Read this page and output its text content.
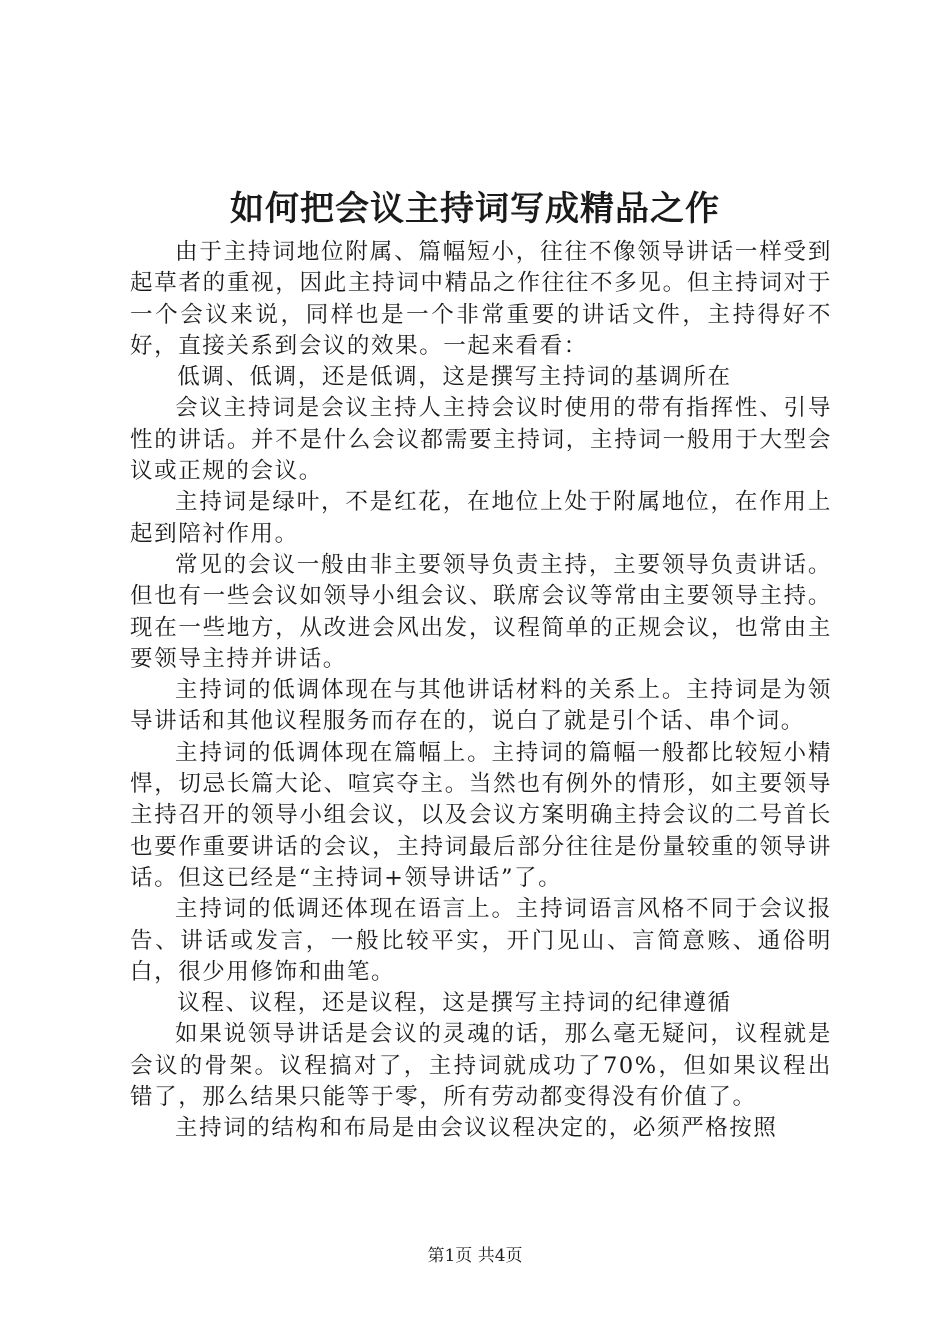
如何把会议主持词写成精品之作

由于主持词地位附属、篇幅短小，往往不像领导讲话一样受到起草者的重视，因此主持词中精品之作往往不多见。但主持词对于一个会议来说，同样也是一个非常重要的讲话文件，主持得好不好，直接关系到会议的效果。一起来看看：

低调、低调，还是低调，这是撰写主持词的基调所在

会议主持词是会议主持人主持会议时使用的带有指挥性、引导性的讲话。并不是什么会议都需要主持词，主持词一般用于大型会议或正规的会议。

主持词是绿叶，不是红花，在地位上处于附属地位，在作用上起到陪衬作用。

常见的会议一般由非主要领导负责主持，主要领导负责讲话。但也有一些会议如领导小组会议、联席会议等常由主要领导主持。现在一些地方，从改进会风出发，议程简单的正规会议，也常由主要领导主持并讲话。

主持词的低调体现在与其他讲话材料的关系上。主持词是为领导讲话和其他议程服务而存在的，说白了就是引个话、串个词。

主持词的低调体现在篇幅上。主持词的篇幅一般都比较短小精悍，切忌长篇大论、喧宾夺主。当然也有例外的情形，如主要领导主持召开的领导小组会议，以及会议方案明确主持会议的二号首长也要作重要讲话的会议，主持词最后部分往往是份量较重的领导讲话。但这已经是“主持词+领导讲话”了。

主持词的低调还体现在语言上。主持词语言风格不同于会议报告、讲话或发言，一般比较平实，开门见山、言简意赅、通俗明白，很少用修饰和曲笔。

议程、议程，还是议程，这是撰写主持词的纪律遵循

如果说领导讲话是会议的灵魂的话，那么毫无疑问，议程就是会议的骨架。议程搞对了，主持词就成功了70%，但如果议程出错了，那么结果只能等于零，所有劳动都变得没有价值了。

主持词的结构和布局是由会议议程决定的，必须严格按照

第1页 共4页
